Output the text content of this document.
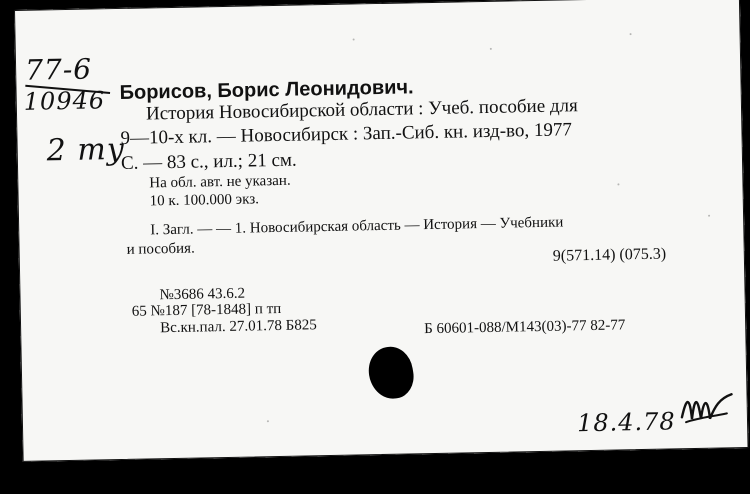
77-6
10946
2 ту
Борисов, Борис Леонидович.
История Новосибирской области : Учеб. пособие для
9—10-х кл. — Новосибирск : Зап.-Сиб. кн. изд-во, 1977
С. — 83 с., ил.; 21 см.
На обл. авт. не указан.
10 к. 100.000 экз.
I. Загл. — — 1. Новосибирская область — История — Учебники
и пособия.	9(571.14) (075.3)
№3686 43.6.2
65 №187 [78-1848] п тп
Вс.кн.пал. 27.01.78 Б825	Б 60601-088/М143(03)-77 82-77
18.4.78
